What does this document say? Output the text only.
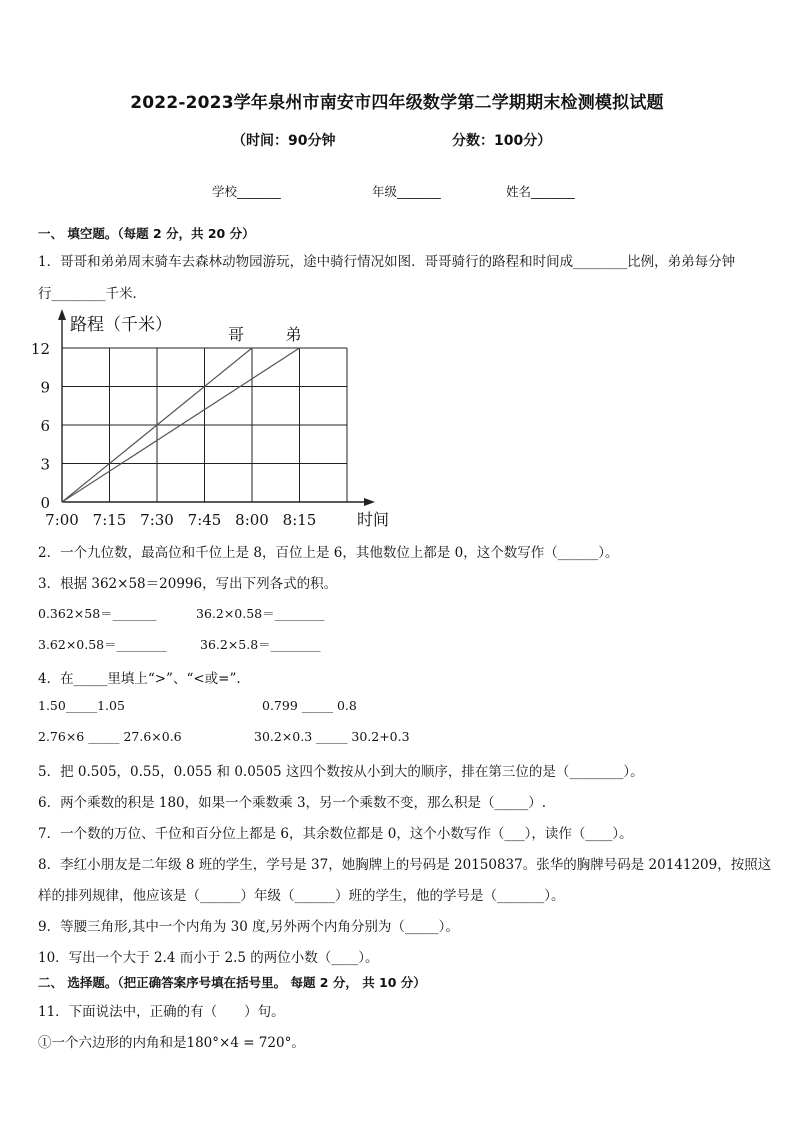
2022-2023学年泉州市南安市四年级数学第二学期期末检测模拟试题
（时间：90分钟	分数：100分）
学校_______	年级_______	姓名_______
一、 填空题。（每题 2 分，共 20 分）
1．哥哥和弟弟周末骑车去森林动物园游玩，途中骑行情况如图．哥哥骑行的路程和时间成________比例，弟弟每分钟
行________千米．
0
3
6
9
12
7:00 7:15 7:30 7:45 8:00 8:15
路程（千米）
时间
哥	弟
2．一个九位数，最高位和千位上是 8，百位上是 6，其他数位上都是 0，这个数写作（______）。
3．根据 362×58＝20996，写出下列各式的积。
0.362×58＝_______	36.2×0.58＝________
3.62×0.58＝________	36.2×5.8＝________
4．在_____里填上“>”、“<或=”.
1.50_____1.05	0.799 _____ 0.8
2.76×6 _____ 27.6×0.6	30.2×0.3 _____ 30.2+0.3
5．把 0.505，0.55，0.055 和 0.0505 这四个数按从小到大的顺序，排在第三位的是（________）。
6．两个乘数的积是 180，如果一个乘数乘 3，另一个乘数不变，那么积是（_____）.
7．一个数的万位、千位和百分位上都是 6，其余数位都是 0，这个小数写作（___），读作（____）。
8．李红小朋友是二年级 8 班的学生，学号是 37，她胸牌上的号码是 20150837。张华的胸牌号码是 20141209，按照这
样的排列规律，他应该是（______）年级（______）班的学生，他的学号是（_______）。
9．等腰三角形,其中一个内角为 30 度,另外两个内角分别为（_____）。
10．写出一个大于 2.4 而小于 2.5 的两位小数（____）。
二、 选择题。（把正确答案序号填在括号里。 每题 2 分， 共 10 分）
11．下面说法中，正确的有（　　）句。
①一个六边形的内角和是180°×4 = 720°。
